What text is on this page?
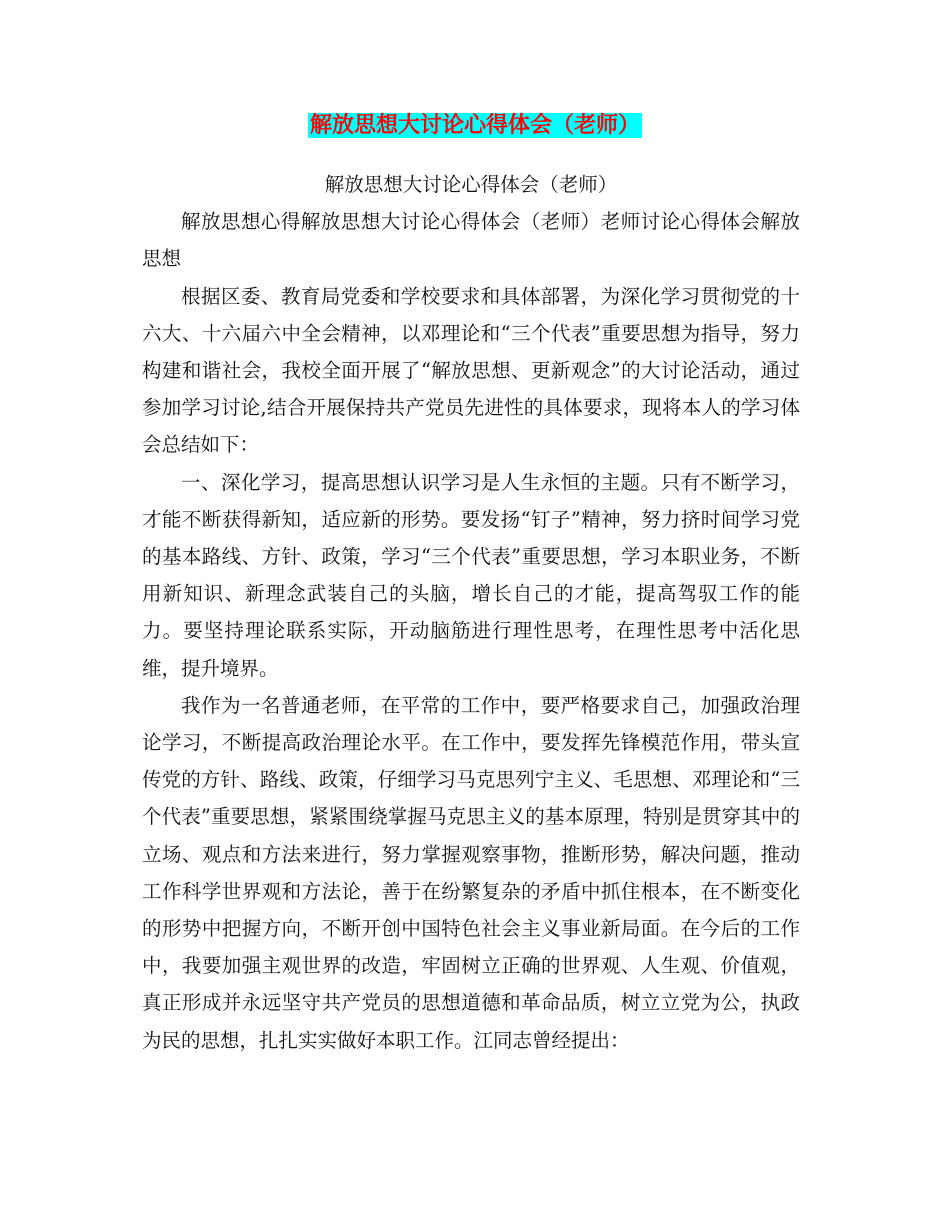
解放思想大讨论心得体会（老师）

解放思想大讨论心得体会（老师）

解放思想心得解放思想大讨论心得体会（老师）老师讨论心得体会解放思想

根据区委、教育局党委和学校要求和具体部署，为深化学习贯彻党的十六大、十六届六中全会精神，以邓理论和“三个代表”重要思想为指导，努力构建和谐社会，我校全面开展了“解放思想、更新观念”的大讨论活动，通过参加学习讨论,结合开展保持共产党员先进性的具体要求，现将本人的学习体会总结如下：

一、深化学习，提高思想认识学习是人生永恒的主题。只有不断学习，才能不断获得新知，适应新的形势。要发扬“钉子”精神，努力挤时间学习党的基本路线、方针、政策，学习“三个代表”重要思想，学习本职业务，不断用新知识、新理念武装自己的头脑，增长自己的才能，提高驾驭工作的能力。要坚持理论联系实际，开动脑筋进行理性思考，在理性思考中活化思维，提升境界。

我作为一名普通老师，在平常的工作中，要严格要求自己，加强政治理论学习，不断提高政治理论水平。在工作中，要发挥先锋模范作用，带头宣传党的方针、路线、政策，仔细学习马克思列宁主义、毛思想、邓理论和“三个代表”重要思想，紧紧围绕掌握马克思主义的基本原理，特别是贯穿其中的立场、观点和方法来进行，努力掌握观察事物，推断形势，解决问题，推动工作科学世界观和方法论，善于在纷繁复杂的矛盾中抓住根本，在不断变化的形势中把握方向，不断开创中国特色社会主义事业新局面。在今后的工作中，我要加强主观世界的改造，牢固树立正确的世界观、人生观、价值观，真正形成并永远坚守共产党员的思想道德和革命品质，树立立党为公，执政为民的思想，扎扎实实做好本职工作。江同志曾经提出：
